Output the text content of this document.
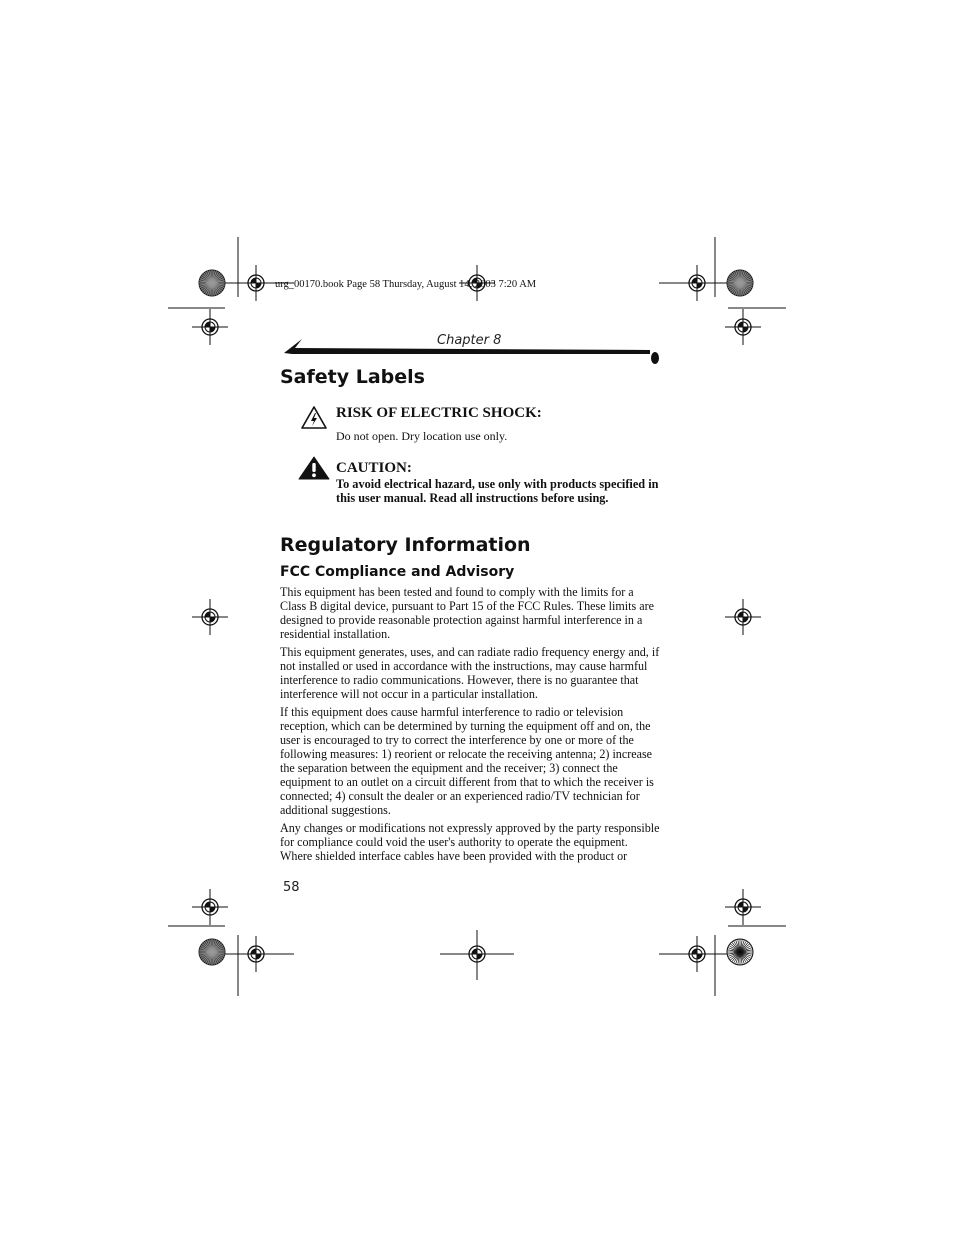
urg_00170.book Page 58 Thursday, August 14, 2003 7:20 AM
Chapter 8
Safety Labels
RISK OF ELECTRIC SHOCK:
Do not open. Dry location use only.
CAUTION:
To avoid electrical hazard, use only with products specified in this user manual. Read all instructions before using.
Regulatory Information
FCC Compliance and Advisory

This equipment has been tested and found to comply with the limits for a Class B digital device, pursuant to Part 15 of the FCC Rules. These limits are designed to provide reasonable protection against harmful interference in a residential installation.

This equipment generates, uses, and can radiate radio frequency energy and, if not installed or used in accordance with the instructions, may cause harmful interference to radio communications. However, there is no guarantee that interference will not occur in a particular installation.

If this equipment does cause harmful interference to radio or television reception, which can be determined by turning the equipment off and on, the user is encouraged to try to correct the interference by one or more of the following measures: 1) reorient or relocate the receiving antenna; 2) increase the separation between the equipment and the receiver; 3) connect the equipment to an outlet on a circuit different from that to which the receiver is connected; 4) consult the dealer or an experienced radio/TV technician for additional suggestions.

Any changes or modifications not expressly approved by the party responsible for compliance could void the user's authority to operate the equipment. Where shielded interface cables have been provided with the product or

58
